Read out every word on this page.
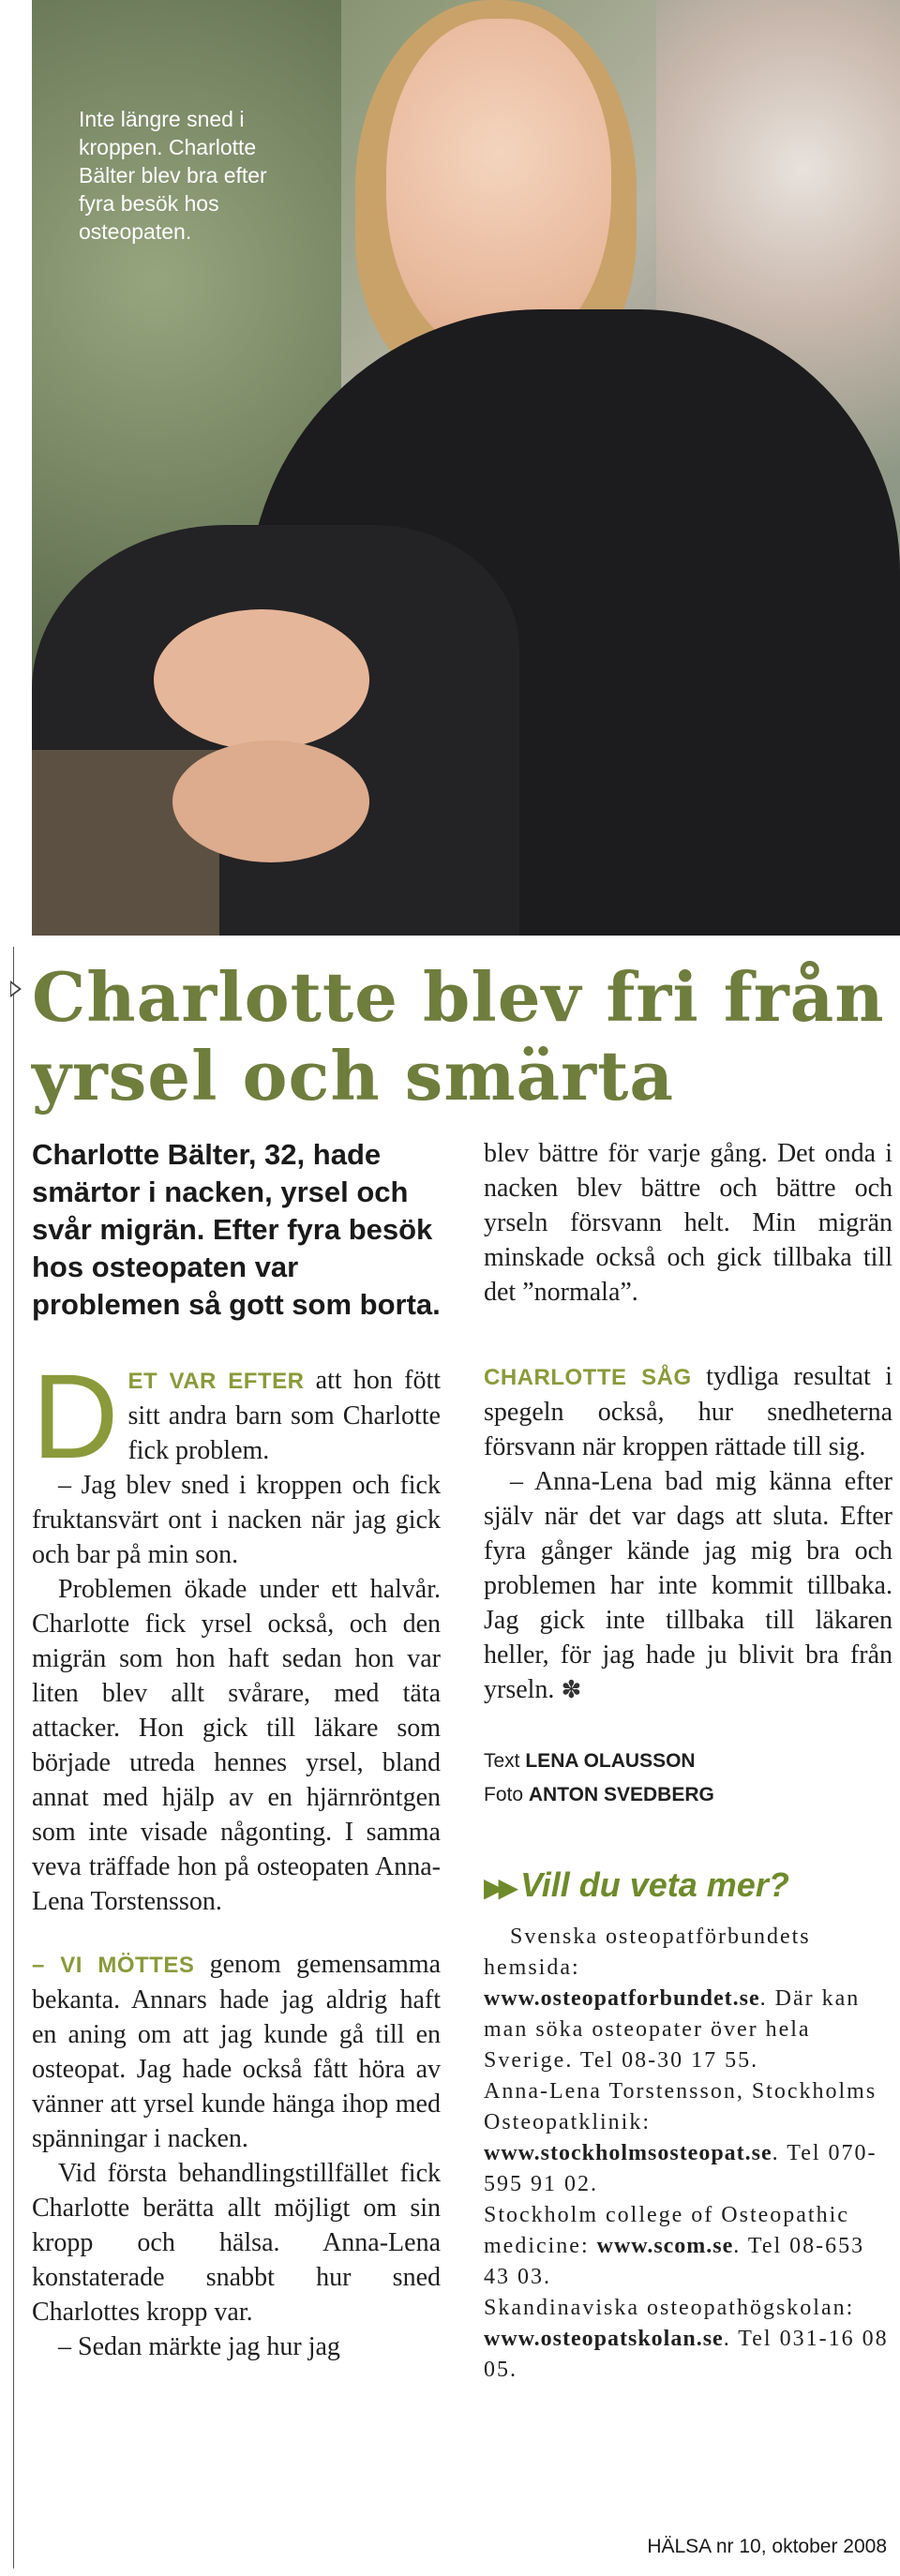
Inte längre sned i kroppen. Charlotte Bälter blev bra efter fyra besök hos osteopaten.
Charlotte blev fri från yrsel och smärta

Charlotte Bälter, 32, hade smärtor i nacken, yrsel och svår migrän. Efter fyra besök hos osteopaten var problemen så gott som borta.

blev bättre för varje gång. Det onda i nacken blev bättre och bättre och yrseln försvann helt. Min migrän minskade också och gick tillbaka till det ”normala”.

DET VAR EFTER att hon fött sitt andra barn som Charlotte fick problem.

– Jag blev sned i kroppen och fick fruktansvärt ont i nacken när jag gick och bar på min son.

Problemen ökade under ett halvår. Charlotte fick yrsel också, och den migrän som hon haft sedan hon var liten blev allt svårare, med täta attacker. Hon gick till läkare som började utreda hennes yrsel, bland annat med hjälp av en hjärnröntgen som inte visade någonting. I samma veva träffade hon på osteopaten Anna-Lena Torstensson.

– VI MÖTTES genom gemensamma bekanta. Annars hade jag aldrig haft en aning om att jag kunde gå till en osteopat. Jag hade också fått höra av vänner att yrsel kunde hänga ihop med spänningar i nacken.

Vid första behandlingstillfället fick Charlotte berätta allt möjligt om sin kropp och hälsa. Anna-Lena konstaterade snabbt hur sned Charlottes kropp var.

– Sedan märkte jag hur jag

CHARLOTTE SÅG tydliga resultat i spegeln också, hur snedheterna försvann när kroppen rättade till sig.

– Anna-Lena bad mig känna efter själv när det var dags att sluta. Efter fyra gånger kände jag mig bra och problemen har inte kommit tillbaka. Jag gick inte tillbaka till läkaren heller, för jag hade ju blivit bra från yrseln. ✽

Text LENA OLAUSSON
Foto ANTON SVEDBERG
▶▶ Vill du veta mer?

Svenska osteopatförbundets hemsida:
www.osteopatforbundet.se. Där kan man söka osteopater över hela Sverige. Tel 08-30 17 55.
Anna-Lena Torstensson, Stockholms Osteopatklinik:
www.stockholmsosteopat.se. Tel 070-595 91 02.
Stockholm college of Osteopathic medicine: www.scom.se. Tel 08-653 43 03.
Skandinaviska osteopathögskolan: www.osteopatskolan.se. Tel 031-16 08 05.

HÄLSA nr 10, oktober 2008
